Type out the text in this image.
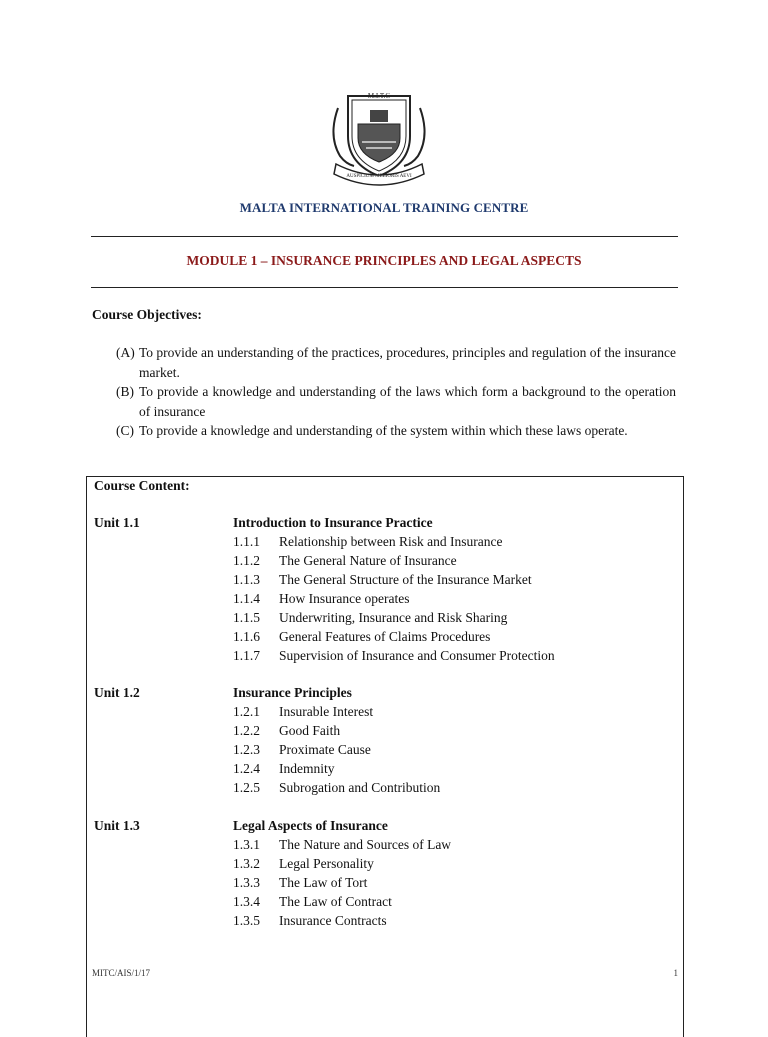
M.I.T.C
AUSPICIUM MELIORIS AEVI
MALTA INTERNATIONAL TRAINING CENTRE
MODULE 1 – INSURANCE PRINCIPLES AND LEGAL ASPECTS
Course Objectives:
(A) To provide an understanding of the practices, procedures, principles and regulation of the insurance market.
(B) To provide a knowledge and understanding of the laws which form a background to the operation of insurance
(C) To provide a knowledge and understanding of the system within which these laws operate.
Course Content:
Unit 1.1	Introduction to Insurance Practice
1.1.1	Relationship between Risk and Insurance
1.1.2	The General Nature of Insurance
1.1.3	The General Structure of the Insurance Market
1.1.4	How Insurance operates
1.1.5	Underwriting, Insurance and Risk Sharing
1.1.6	General Features of Claims Procedures
1.1.7	Supervision of Insurance and Consumer Protection
Unit 1.2	Insurance Principles
1.2.1	Insurable Interest
1.2.2	Good Faith
1.2.3	Proximate Cause
1.2.4	Indemnity
1.2.5	Subrogation and Contribution
Unit 1.3	Legal Aspects of Insurance
1.3.1	The Nature and Sources of Law
1.3.2	Legal Personality
1.3.3	The Law of Tort
1.3.4	The Law of Contract
1.3.5	Insurance Contracts
MITC/AIS/1/17	1
